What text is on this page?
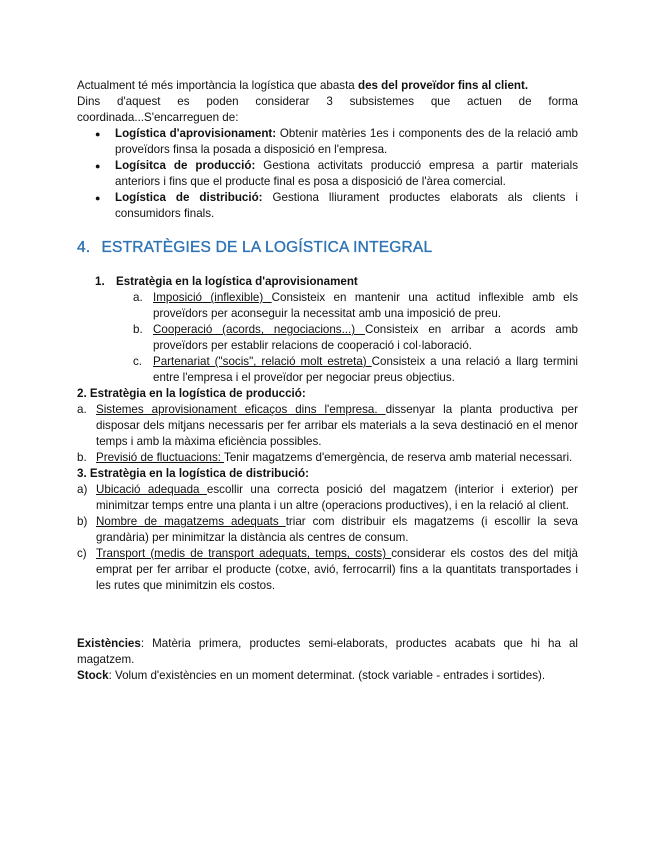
Actualment té més importància la logística que abasta des del proveïdor fins al client.

Dins d'aquest es poden considerar 3 subsistemes que actuen de forma

coordinada...S'encarreguen de:

● Logística d'aprovisionament: Obtenir matèries 1es i components des de la relació amb proveïdors finsa la posada a disposició en l'empresa.
● Logísitca de producció: Gestiona activitats producció empresa a partir materials anteriors i fins que el producte final es posa a disposició de l'àrea comercial.
● Logística de distribució: Gestiona lliurament productes elaborats als clients i consumidors finals.
4. ESTRATÈGIES DE LA LOGÍSTICA INTEGRAL

1. Estratègia en la logística d'aprovisionament

a. Imposició (inflexible) Consisteix en mantenir una actitud inflexible amb els proveïdors per aconseguir la necessitat amb una imposició de preu.
b. Cooperació (acords, negociacions...) Consisteix en arribar a acords amb proveïdors per establir relacions de cooperació i col·laboració.
c. Partenariat ("socis", relació molt estreta) Consisteix a una relació a llarg termini entre l'empresa i el proveïdor per negociar preus objectius.

2. Estratègia en la logística de producció:

a. Sistemes aprovisionament eficaços dins l'empresa. dissenyar la planta productiva per disposar dels mitjans necessaris per fer arribar els materials a la seva destinació en el menor temps i amb la màxima eficiència possibles.
b. Previsió de fluctuacions: Tenir magatzems d'emergència, de reserva amb material necessari.

3. Estratègia en la logística de distribució:

a) Ubicació adequada escollir una correcta posició del magatzem (interior i exterior) per minimitzar temps entre una planta i un altre (operacions productives), i en la relació al client.
b) Nombre de magatzems adequats triar com distribuir els magatzems (i escollir la seva grandària) per minimitzar la distància als centres de consum.
c) Transport (medis de transport adequats, temps, costs) considerar els costos des del mitjà emprat per fer arribar el producte (cotxe, avió, ferrocarril) fins a la quantitats transportades i les rutes que minimitzin els costos.

Existències: Matèria primera, productes semi-elaborats, productes acabats que hi ha al magatzem.

Stock: Volum d'existències en un moment determinat. (stock variable - entrades i sortides).
